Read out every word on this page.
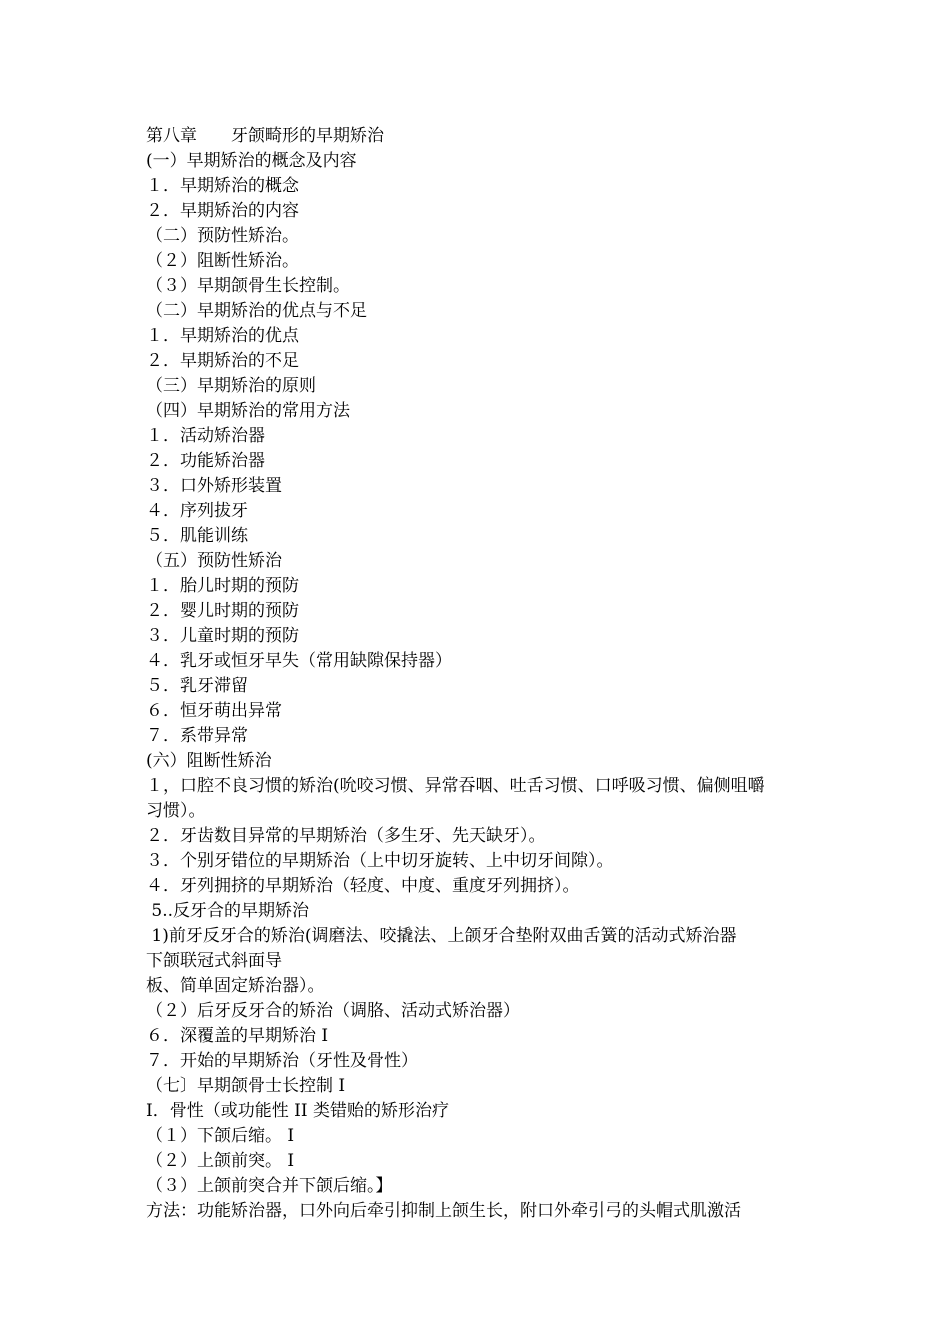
第八章　　牙颌畸形的早期矫治
(一）早期矫治的概念及内容
１．早期矫治的概念
２．早期矫治的内容
（二）预防性矫治。
（２）阻断性矫治。
（３）早期颌骨生长控制。
（二）早期矫治的优点与不足
１．早期矫治的优点
２．早期矫治的不足
（三）早期矫治的原则
（四）早期矫治的常用方法
１．活动矫治器
２．功能矫治器
３．口外矫形装置
４．序列拔牙
５．肌能训练
（五）预防性矫治
１．胎儿时期的预防
２．婴儿时期的预防
３．儿童时期的预防
４．乳牙或恒牙早失（常用缺隙保持器）
５．乳牙滞留
６．恒牙萌出异常
７．系带异常
(六）阻断性矫治
１，口腔不良习惯的矫治(吮咬习惯、异常吞咽、吐舌习惯、口呼吸习惯、偏侧咀嚼
习惯）。
２．牙齿数目异常的早期矫治（多生牙、先天缺牙）。
３．个别牙错位的早期矫治（上中切牙旋转、上中切牙间隙）。
４．牙列拥挤的早期矫治（轻度、中度、重度牙列拥挤）。
5..反牙合的早期矫治
1)前牙反牙合的矫治(调磨法、咬撬法、上颌牙合垫附双曲舌簧的活动式矫治器
下颌联冠式斜面导
板、简单固定矫治器）。
（２）后牙反牙合的矫治（调胳、活动式矫治器）
６．深覆盖的早期矫治 I
７．开始的早期矫治（牙性及骨性）
（七〕早期颌骨士长控制 I
I．骨性（或功能性 II 类错贻的矫形治疗
（１）下颌后缩。 I
（２）上颌前突。 I
（３）上颌前突合并下颌后缩。】
方法：功能矫治器，口外向后牵引抑制上颌生长，附口外牵引弓的头帽式肌激活
